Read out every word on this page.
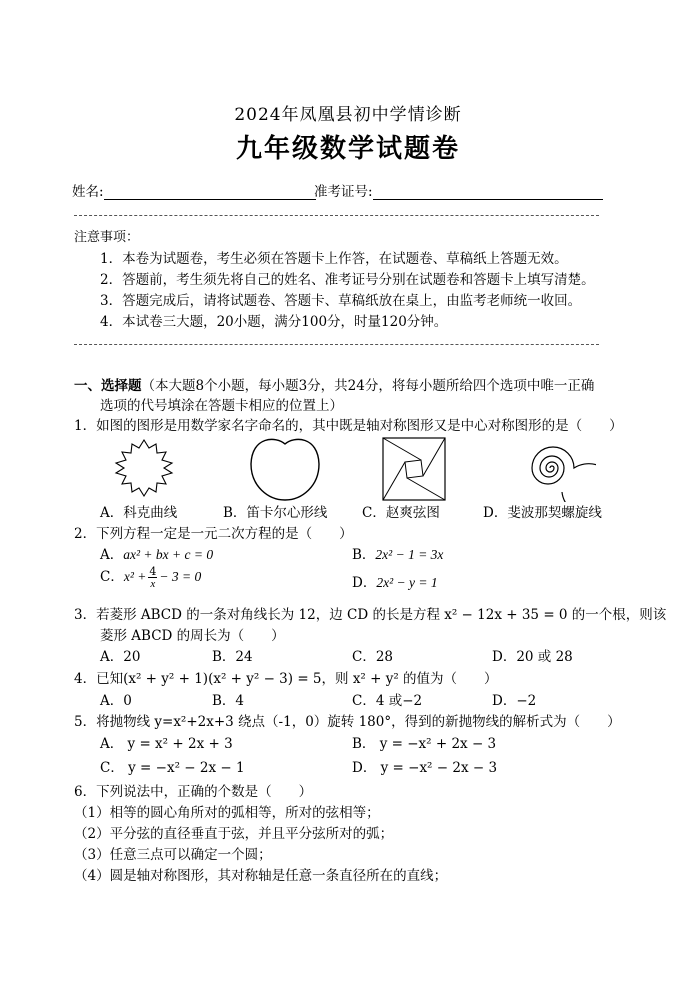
2024年凤凰县初中学情诊断
九年级数学试题卷
姓名:	准考证号:
注意事项：
1．本卷为试题卷，考生必须在答题卡上作答，在试题卷、草稿纸上答题无效。
2．答题前，考生须先将自己的姓名、准考证号分别在试题卷和答题卡上填写清楚。
3．答题完成后，请将试题卷、答题卡、草稿纸放在桌上，由监考老师统一收回。
4．本试卷三大题，20小题，满分100分，时量120分钟。
一、选择题（本大题8个小题，每小题3分，共24分，将每小题所给四个选项中唯一正确
选项的代号填涂在答题卡相应的位置上）
1．如图的图形是用数学家名字命名的，其中既是轴对称图形又是中心对称图形的是（　　）
A．科克曲线	B．笛卡尔心形线	C．赵爽弦图	D．斐波那契螺旋线
2．下列方程一定是一元二次方程的是（　　）
A．ax² + bx + c = 0	B．2x² − 1 = 3x
C．$x^2 + \frac{4}{x} - 3 = 0$	D．2x² − y = 1
3．若菱形 ABCD 的一条对角线长为 12，边 CD 的长是方程 x² − 12x + 35 = 0 的一个根，则该
菱形 ABCD 的周长为（　　）
A．20	B．24	C．28	D．20 或 28
4．已知(x² + y² + 1)(x² + y² − 3) = 5，则 x² + y² 的值为（　　）
A．0	B．4	C．4 或−2	D．−2
5．将抛物线 y=x²+2x+3 绕点（-1，0）旋转 180°，得到的新抛物线的解析式为（　　）
A． y = x² + 2x + 3	B． y = −x² + 2x − 3
C． y = −x² − 2x − 1	D． y = −x² − 2x − 3
6．下列说法中，正确的个数是（　　）
（1）相等的圆心角所对的弧相等，所对的弦相等；
（2）平分弦的直径垂直于弦，并且平分弦所对的弧；
（3）任意三点可以确定一个圆；
（4）圆是轴对称图形，其对称轴是任意一条直径所在的直线；
